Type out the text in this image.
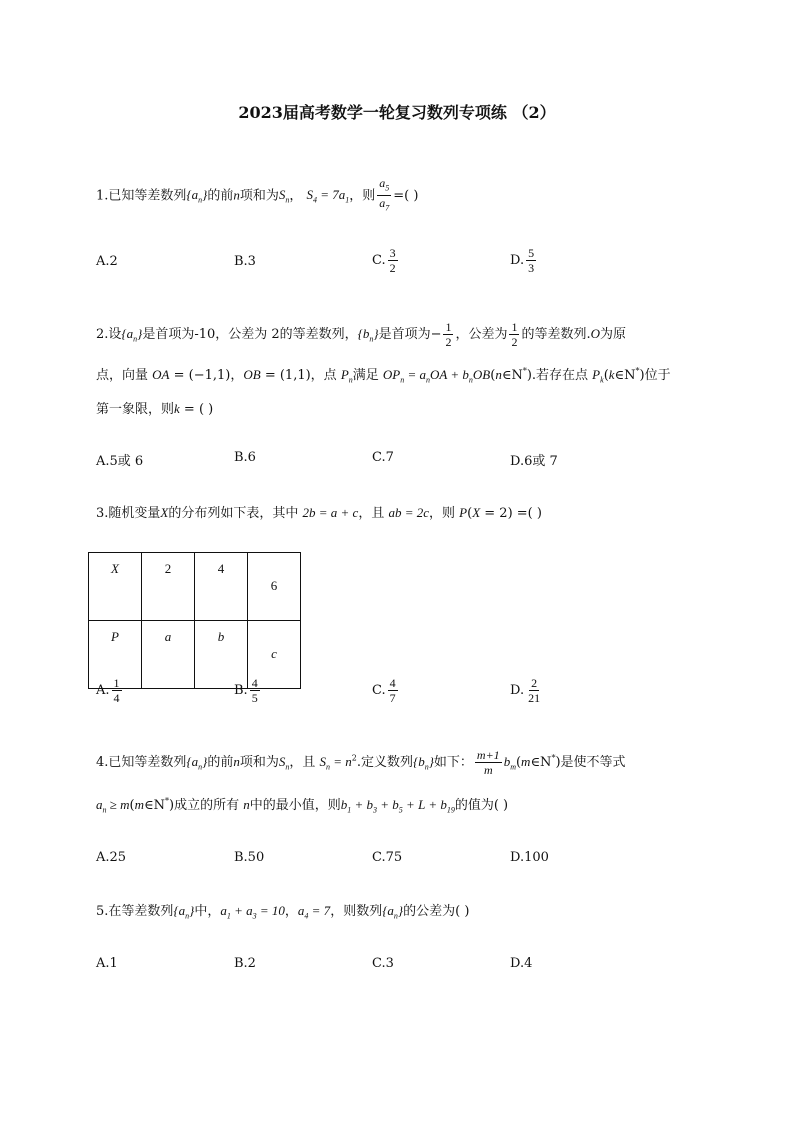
2023届高考数学一轮复习数列专项练 （2）
1.已知等差数列$\{a_n\}$的前n项和为$S_n$， $S_4 = 7a_1$，则 $\frac{a_5}{a_7}$ =( )
A.2	B.3	C. $\frac{3}{2}$	D. $\frac{5}{3}$
2.设$\{a_n\}$是首项为-10，公差为 2的等差数列，$\{b_n\}$是首项为− $\frac{1}{2}$ ，公差为 $\frac{1}{2}$ 的等差数列.O为原
点，向量 OA = (−1,1)，OB = (1,1)，点 $P_n$满足 $OP_n = a_nOA$ + $b_nOB(n\in N^*)$.若存在点 $P_k(k\in N^*)$位于
第一象限，则k = ( )
A.5或 6	B.6	C.7	D.6或 7
3.随机变量X的分布列如下表，其中 2b = a + c，且 ab = 2c，则 P(X = 2) =( )
X	2	4	6
P	a	b	c
A. $\frac{1}{4}$	B. $\frac{4}{5}$	C. $\frac{4}{7}$	D. $\frac{2}{21}$
4.已知等差数列$\{a_n\}$的前n项和为$S_n$，且 $S_n = n^2$.定义数列$\{b_n\}$如下： $\frac{m+1}{m}$ $b_m(m\in N^*)$是使不等式
$a_n$ ≥ m(m∈N*)成立的所有 n中的最小值，则$b_1 + b_3 + b_5 + L + b_{19}$的值为( )
A.25	B.50	C.75	D.100
5.在等差数列$\{a_n\}$中，$a_1 + a_3 = 10$，$a_4 = 7$，则数列$\{a_n\}$的公差为( )
A.1	B.2	C.3	D.4
